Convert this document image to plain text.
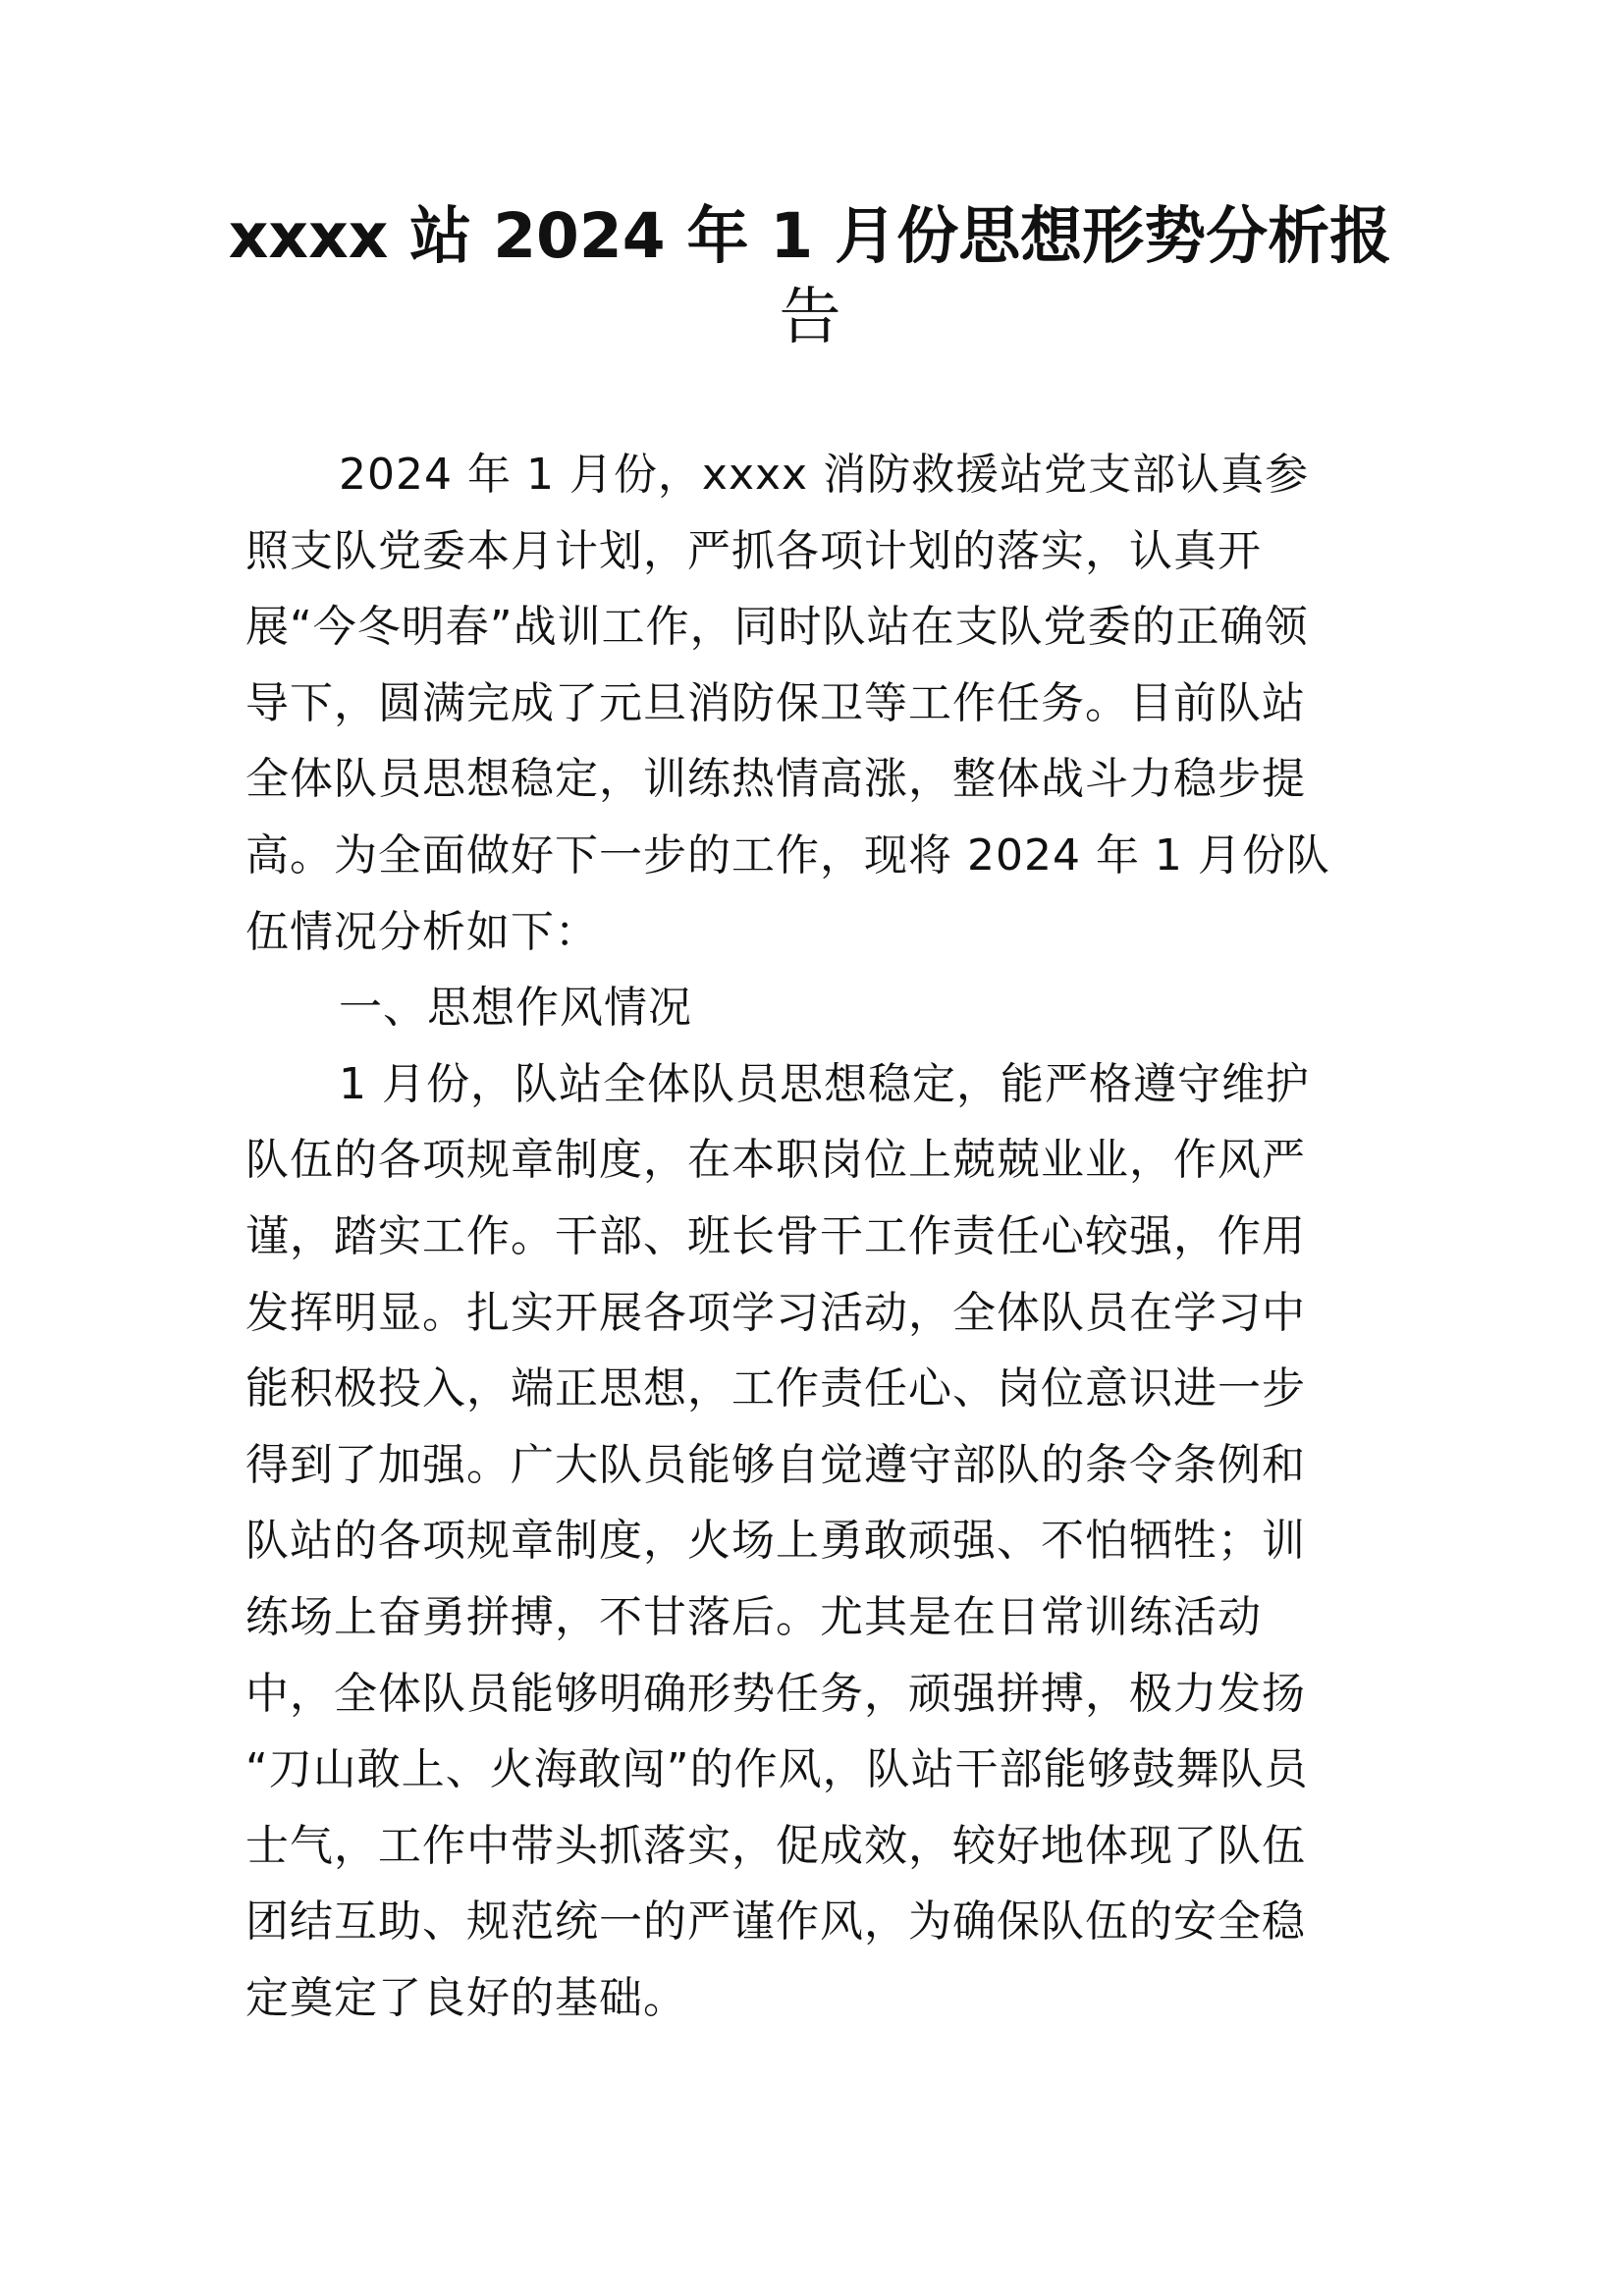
xxxx 站 2024 年 1 月份思想形势分析报
告
2024 年 1 月份，xxxx 消防救援站党支部认真参
照支队党委本月计划，严抓各项计划的落实，认真开
展“今冬明春”战训工作，同时队站在支队党委的正确领
导下，圆满完成了元旦消防保卫等工作任务。目前队站
全体队员思想稳定，训练热情高涨，整体战斗力稳步提
高。为全面做好下一步的工作，现将 2024 年 1 月份队
伍情况分析如下：
一、思想作风情况
1 月份，队站全体队员思想稳定，能严格遵守维护
队伍的各项规章制度，在本职岗位上兢兢业业，作风严
谨，踏实工作。干部、班长骨干工作责任心较强，作用
发挥明显。扎实开展各项学习活动，全体队员在学习中
能积极投入，端正思想，工作责任心、岗位意识进一步
得到了加强。广大队员能够自觉遵守部队的条令条例和
队站的各项规章制度，火场上勇敢顽强、不怕牺牲；训
练场上奋勇拼搏，不甘落后。尤其是在日常训练活动
中，全体队员能够明确形势任务，顽强拼搏，极力发扬
“刀山敢上、火海敢闯”的作风，队站干部能够鼓舞队员
士气，工作中带头抓落实，促成效，较好地体现了队伍
团结互助、规范统一的严谨作风，为确保队伍的安全稳
定奠定了良好的基础。
